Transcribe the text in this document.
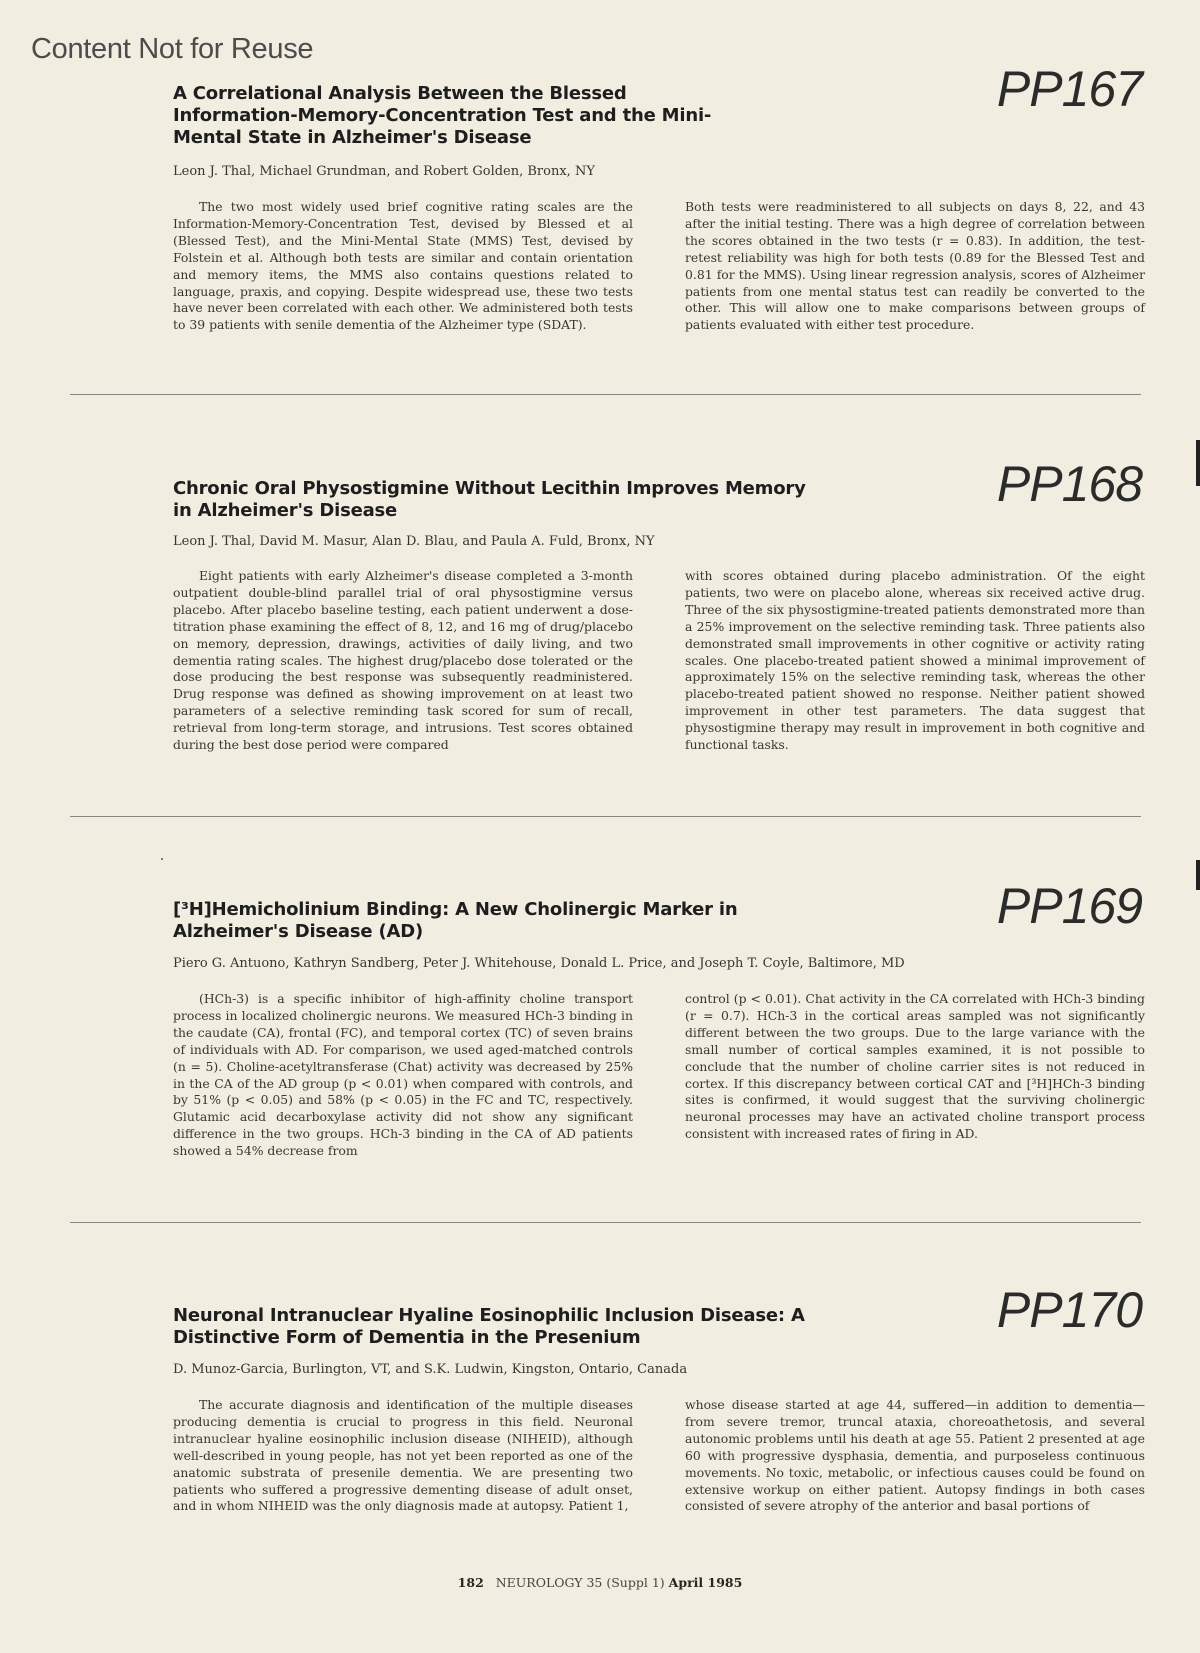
Content Not for Reuse
PP167
A Correlational Analysis Between the Blessed Information-Memory-Concentration Test and the Mini-Mental State in Alzheimer's Disease
Leon J. Thal, Michael Grundman, and Robert Golden, Bronx, NY

The two most widely used brief cognitive rating scales are the Information-Memory-Concentration Test, devised by Blessed et al (Blessed Test), and the Mini-Mental State (MMS) Test, devised by Folstein et al. Although both tests are similar and contain orientation and memory items, the MMS also contains questions related to language, praxis, and copying. Despite widespread use, these two tests have never been correlated with each other. We administered both tests to 39 patients with senile dementia of the Alzheimer type (SDAT).

Both tests were readministered to all subjects on days 8, 22, and 43 after the initial testing. There was a high degree of correlation between the scores obtained in the two tests (r = 0.83). In addition, the test-retest reliability was high for both tests (0.89 for the Blessed Test and 0.81 for the MMS). Using linear regression analysis, scores of Alzheimer patients from one mental status test can readily be converted to the other. This will allow one to make comparisons between groups of patients evaluated with either test procedure.

PP168
Chronic Oral Physostigmine Without Lecithin Improves Memory in Alzheimer's Disease
Leon J. Thal, David M. Masur, Alan D. Blau, and Paula A. Fuld, Bronx, NY

Eight patients with early Alzheimer's disease completed a 3-month outpatient double-blind parallel trial of oral physostigmine versus placebo. After placebo baseline testing, each patient underwent a dose-titration phase examining the effect of 8, 12, and 16 mg of drug/placebo on memory, depression, drawings, activities of daily living, and two dementia rating scales. The highest drug/placebo dose tolerated or the dose producing the best response was subsequently readministered. Drug response was defined as showing improvement on at least two parameters of a selective reminding task scored for sum of recall, retrieval from long-term storage, and intrusions. Test scores obtained during the best dose period were compared

with scores obtained during placebo administration. Of the eight patients, two were on placebo alone, whereas six received active drug. Three of the six physostigmine-treated patients demonstrated more than a 25% improvement on the selective reminding task. Three patients also demonstrated small improvements in other cognitive or activity rating scales. One placebo-treated patient showed a minimal improvement of approximately 15% on the selective reminding task, whereas the other placebo-treated patient showed no response. Neither patient showed improvement in other test parameters. The data suggest that physostigmine therapy may result in improvement in both cognitive and functional tasks.

PP169
[³H]Hemicholinium Binding: A New Cholinergic Marker in Alzheimer's Disease (AD)
Piero G. Antuono, Kathryn Sandberg, Peter J. Whitehouse, Donald L. Price, and Joseph T. Coyle, Baltimore, MD

(HCh-3) is a specific inhibitor of high-affinity choline transport process in localized cholinergic neurons. We measured HCh-3 binding in the caudate (CA), frontal (FC), and temporal cortex (TC) of seven brains of individuals with AD. For comparison, we used aged-matched controls (n = 5). Choline-acetyltransferase (Chat) activity was decreased by 25% in the CA of the AD group (p < 0.01) when compared with controls, and by 51% (p < 0.05) and 58% (p < 0.05) in the FC and TC, respectively. Glutamic acid decarboxylase activity did not show any significant difference in the two groups. HCh-3 binding in the CA of AD patients showed a 54% decrease from

control (p < 0.01). Chat activity in the CA correlated with HCh-3 binding (r = 0.7). HCh-3 in the cortical areas sampled was not significantly different between the two groups. Due to the large variance with the small number of cortical samples examined, it is not possible to conclude that the number of choline carrier sites is not reduced in cortex. If this discrepancy between cortical CAT and [³H]HCh-3 binding sites is confirmed, it would suggest that the surviving cholinergic neuronal processes may have an activated choline transport process consistent with increased rates of firing in AD.

PP170
Neuronal Intranuclear Hyaline Eosinophilic Inclusion Disease: A Distinctive Form of Dementia in the Presenium
D. Munoz-Garcia, Burlington, VT, and S.K. Ludwin, Kingston, Ontario, Canada

The accurate diagnosis and identification of the multiple diseases producing dementia is crucial to progress in this field. Neuronal intranuclear hyaline eosinophilic inclusion disease (NIHEID), although well-described in young people, has not yet been reported as one of the anatomic substrata of presenile dementia. We are presenting two patients who suffered a progressive dementing disease of adult onset, and in whom NIHEID was the only diagnosis made at autopsy. Patient 1,

whose disease started at age 44, suffered—in addition to dementia—from severe tremor, truncal ataxia, choreoathetosis, and several autonomic problems until his death at age 55. Patient 2 presented at age 60 with progressive dysphasia, dementia, and purposeless continuous movements. No toxic, metabolic, or infectious causes could be found on extensive workup on either patient. Autopsy findings in both cases consisted of severe atrophy of the anterior and basal portions of

182 NEUROLOGY 35 (Suppl 1) April 1985
